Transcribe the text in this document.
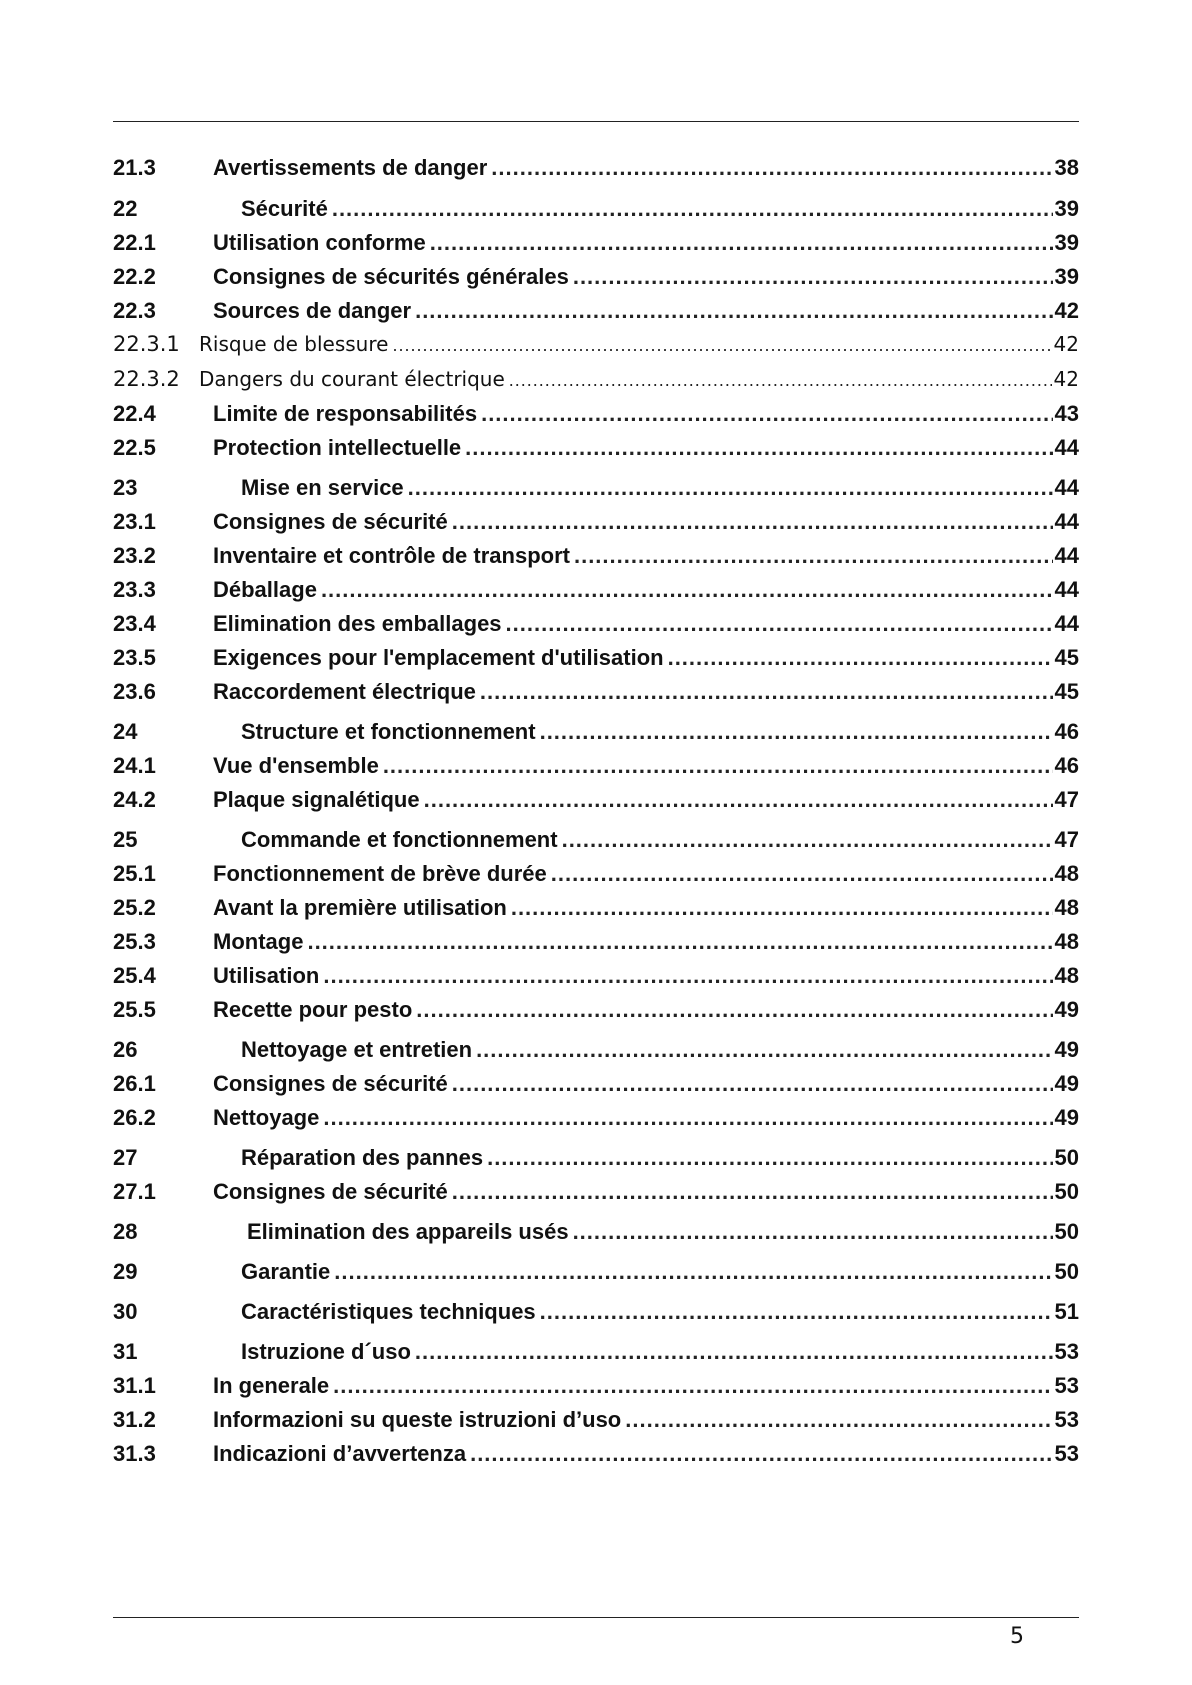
21.3	Avertissements de danger .....	38
22	Sécurité .....	39
22.1	Utilisation conforme .....	39
22.2	Consignes de sécurités générales .....	39
22.3	Sources de danger .....	42
22.3.1 Risque de blessure .....	42
22.3.2 Dangers du courant électrique .....	42
22.4	Limite de responsabilités .....	43
22.5	Protection intellectuelle .....	44
23	Mise en service .....	44
23.1	Consignes de sécurité .....	44
23.2	Inventaire et contrôle de transport .....	44
23.3	Déballage .....	44
23.4	Elimination des emballages .....	44
23.5	Exigences pour l'emplacement d'utilisation .....	45
23.6	Raccordement électrique .....	45
24	Structure et fonctionnement .....	46
24.1	Vue d'ensemble .....	46
24.2	Plaque signalétique .....	47
25	Commande et fonctionnement .....	47
25.1	Fonctionnement de brève durée .....	48
25.2	Avant la première utilisation .....	48
25.3	Montage .....	48
25.4	Utilisation .....	48
25.5	Recette pour pesto .....	49
26	Nettoyage et entretien .....	49
26.1	Consignes de sécurité .....	49
26.2	Nettoyage .....	49
27	Réparation des pannes .....	50
27.1	Consignes de sécurité .....	50
28	Elimination des appareils usés .....	50
29	Garantie .....	50
30	Caractéristiques techniques .....	51
31	Istruzione d´uso .....	53
31.1	In generale .....	53
31.2	Informazioni su queste istruzioni d’uso .....	53
31.3	Indicazioni d’avvertenza .....	53
5
